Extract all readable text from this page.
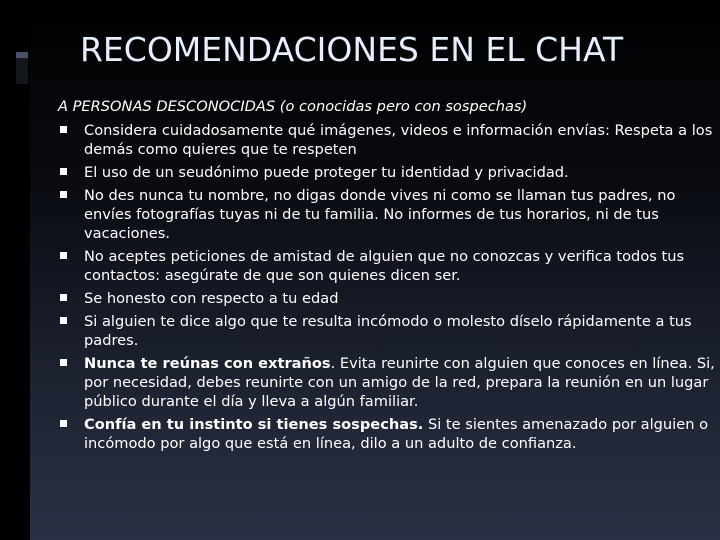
RECOMENDACIONES EN EL CHAT
A PERSONAS DESCONOCIDAS (o conocidas pero con sospechas)
Considera cuidadosamente qué imágenes, videos e información envías: Respeta a los demás como quieres que te respeten
El uso de un seudónimo puede proteger tu identidad y privacidad.
No des nunca tu nombre, no digas donde vives ni como se llaman tus padres, no envíes fotografías tuyas ni de tu familia. No informes de tus horarios, ni de tus vacaciones.
No aceptes peticiones de amistad de alguien que no conozcas y verifica todos tus contactos: asegúrate de que son quienes dicen ser.
Se honesto con respecto a tu edad
Si alguien te dice algo que te resulta incómodo o molesto díselo rápidamente a tus padres.
Nunca te reúnas con extraños. Evita reunirte con alguien que conoces en línea. Si, por necesidad, debes reunirte con un amigo de la red, prepara la reunión en un lugar público durante el día y lleva a algún familiar.
Confía en tu instinto si tienes sospechas. Si te sientes amenazado por alguien o incómodo por algo que está en línea, dilo a un adulto de confianza.
